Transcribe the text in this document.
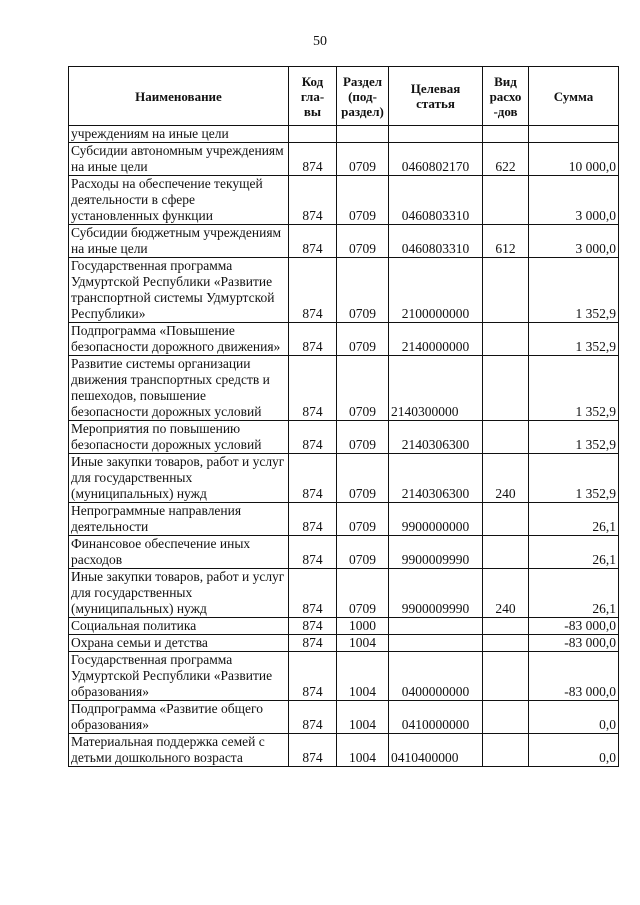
50
Наименование	Код гла- вы	Раздел (под- раздел)	Целевая статья	Вид расхо -дов	Сумма
учреждениям на иные цели					
Субсидии автономным учреждениям на иные цели	874	0709	0460802170	622	10 000,0
Расходы на обеспечение текущей деятельности в сфере установленных функции	874	0709	0460803310		3 000,0
Субсидии бюджетным учреждениям на иные цели	874	0709	0460803310	612	3 000,0
Государственная программа Удмуртской Республики «Развитие транспортной системы Удмуртской Республики»	874	0709	2100000000		1 352,9
Подпрограмма «Повышение безопасности дорожного движения»	874	0709	2140000000		1 352,9
Развитие системы организации движения транспортных средств и пешеходов, повышение безопасности дорожных условий	874	0709	2140300000		1 352,9
Мероприятия по повышению безопасности дорожных условий	874	0709	2140306300		1 352,9
Иные закупки товаров, работ и услуг для государственных (муниципальных) нужд	874	0709	2140306300	240	1 352,9
Непрограммные направления деятельности	874	0709	9900000000		26,1
Финансовое обеспечение иных расходов	874	0709	9900009990		26,1
Иные закупки товаров, работ и услуг для государственных (муниципальных) нужд	874	0709	9900009990	240	26,1
Социальная политика	874	1000			-83 000,0
Охрана семьи и детства	874	1004			-83 000,0
Государственная программа Удмуртской Республики «Развитие образования»	874	1004	0400000000		-83 000,0
Подпрограмма «Развитие общего образования»	874	1004	0410000000		0,0
Материальная поддержка семей с детьми дошкольного возраста	874	1004	0410400000		0,0
